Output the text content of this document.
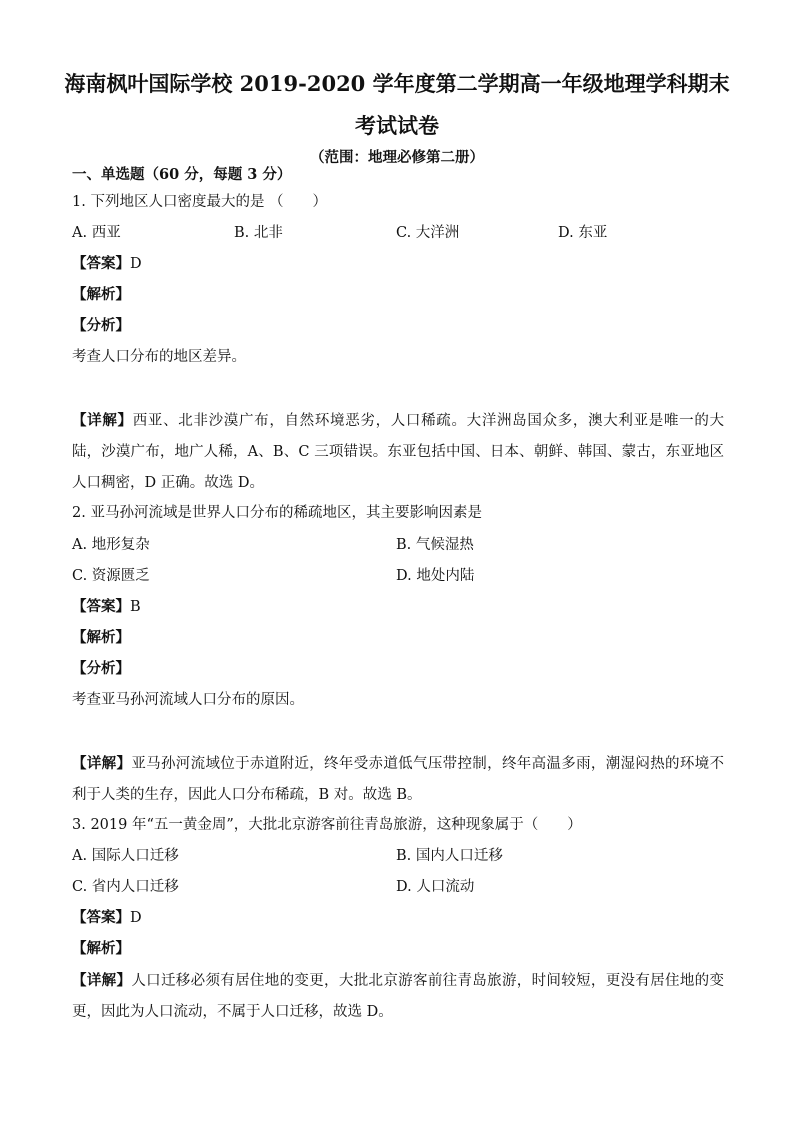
海南枫叶国际学校 2019-2020 学年度第二学期高一年级地理学科期末
考试试卷
（范围：地理必修第二册）
一、单选题（60 分，每题 3 分）
1. 下列地区人口密度最大的是 （　　）
A. 西亚	B. 北非	C. 大洋洲	D. 东亚
【答案】D
【解析】
【分析】
考查人口分布的地区差异。
【详解】西亚、北非沙漠广布，自然环境恶劣，人口稀疏。大洋洲岛国众多，澳大利亚是唯一的大陆，沙漠广布，地广人稀，A、B、C 三项错误。东亚包括中国、日本、朝鲜、韩国、蒙古，东亚地区人口稠密，D 正确。故选 D。
2. 亚马孙河流域是世界人口分布的稀疏地区，其主要影响因素是
A. 地形复杂	B. 气候湿热
C. 资源匮乏	D. 地处内陆
【答案】B
【解析】
【分析】
考查亚马孙河流域人口分布的原因。
【详解】亚马孙河流域位于赤道附近，终年受赤道低气压带控制，终年高温多雨，潮湿闷热的环境不利于人类的生存，因此人口分布稀疏，B 对。故选 B。
3. 2019 年“五一黄金周”，大批北京游客前往青岛旅游，这种现象属于（　　）
A. 国际人口迁移	B. 国内人口迁移
C. 省内人口迁移	D. 人口流动
【答案】D
【解析】
【详解】人口迁移必须有居住地的变更，大批北京游客前往青岛旅游，时间较短，更没有居住地的变更，因此为人口流动，不属于人口迁移，故选 D。
